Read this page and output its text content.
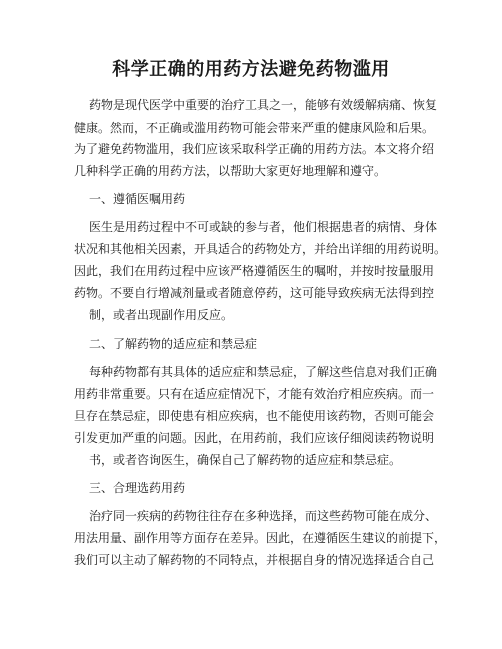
科学正确的用药方法避免药物滥用
药物是现代医学中重要的治疗工具之一，能够有效缓解病痛、恢复
健康。然而，不正确或滥用药物可能会带来严重的健康风险和后果。
为了避免药物滥用，我们应该采取科学正确的用药方法。本文将介绍
几种科学正确的用药方法，以帮助大家更好地理解和遵守。
一、遵循医嘱用药
医生是用药过程中不可或缺的参与者，他们根据患者的病情、身体
状况和其他相关因素，开具适合的药物处方，并给出详细的用药说明。
因此，我们在用药过程中应该严格遵循医生的嘱咐，并按时按量服用
药物。不要自行增减剂量或者随意停药，这可能导致疾病无法得到控
制，或者出现副作用反应。
二、了解药物的适应症和禁忌症
每种药物都有其具体的适应症和禁忌症，了解这些信息对我们正确
用药非常重要。只有在适应症情况下，才能有效治疗相应疾病。而一
旦存在禁忌症，即使患有相应疾病，也不能使用该药物，否则可能会
引发更加严重的问题。因此，在用药前，我们应该仔细阅读药物说明
书，或者咨询医生，确保自己了解药物的适应症和禁忌症。
三、合理选药用药
治疗同一疾病的药物往往存在多种选择，而这些药物可能在成分、
用法用量、副作用等方面存在差异。因此，在遵循医生建议的前提下，
我们可以主动了解药物的不同特点，并根据自身的情况选择适合自己
